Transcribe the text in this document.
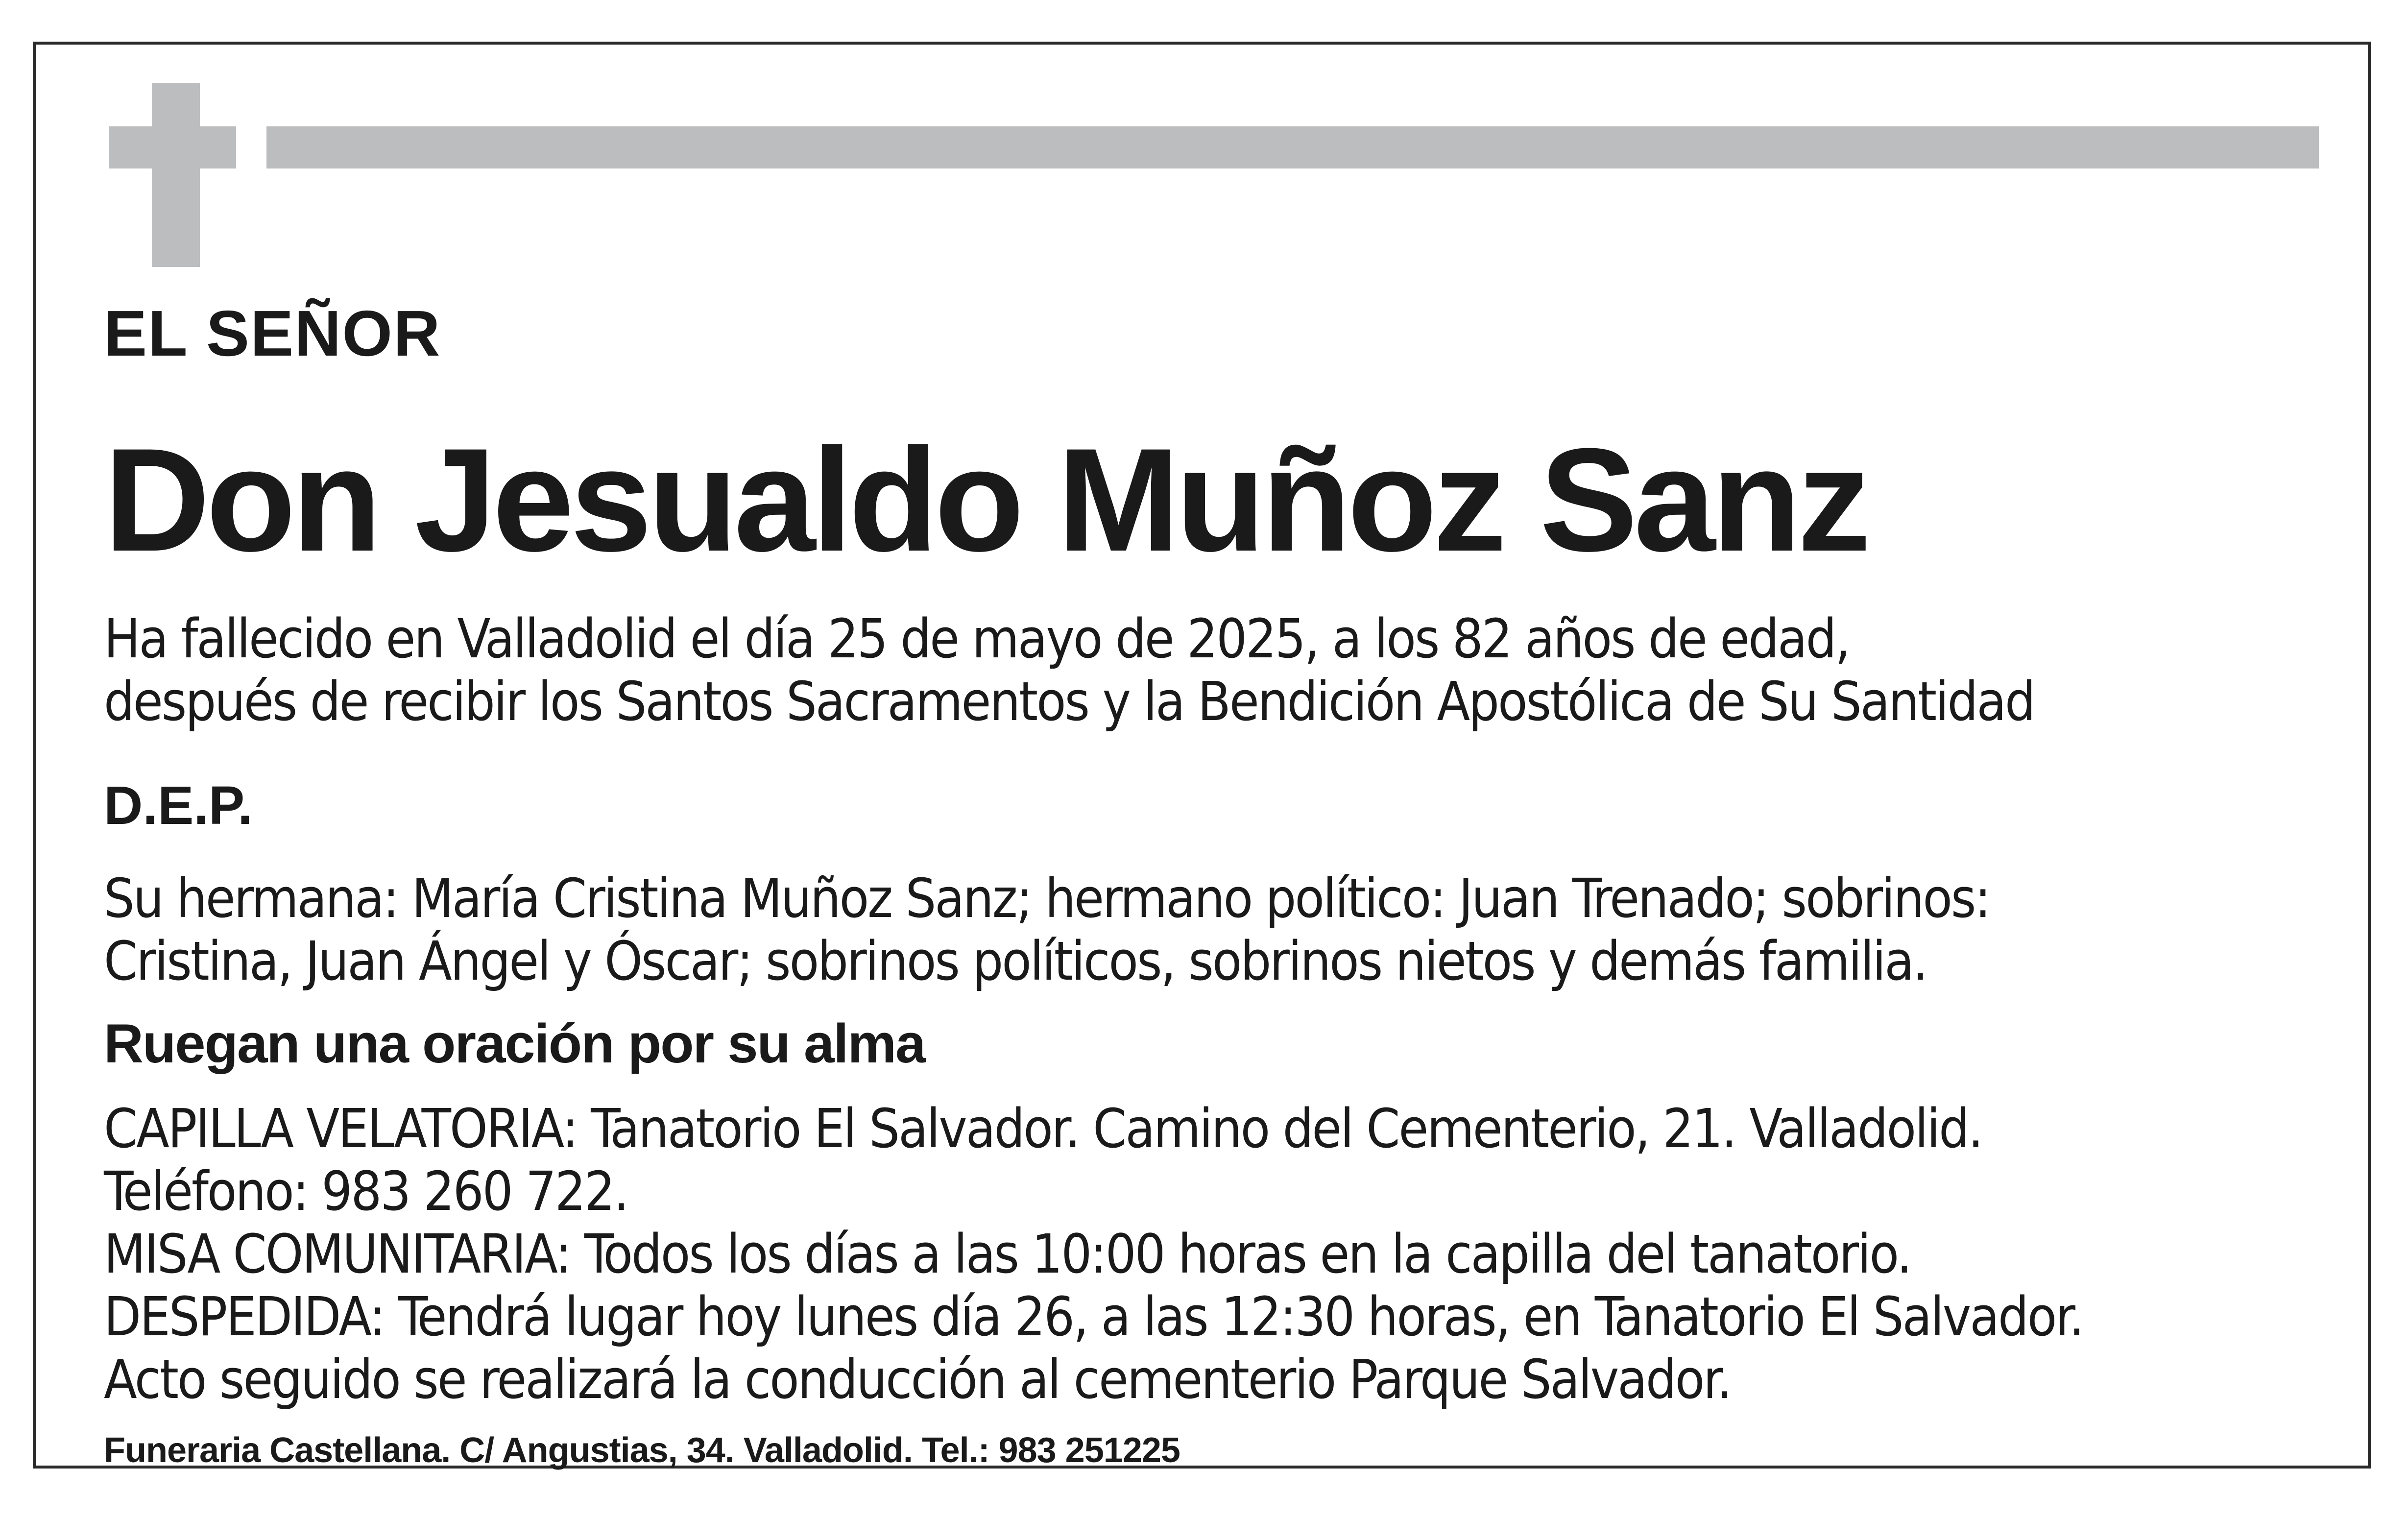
EL SEÑOR

Don Jesualdo Muñoz Sanz
Ha fallecido en Valladolid el día 25 de mayo de 2025, a los 82 años de edad,
después de recibir los Santos Sacramentos y la Bendición Apostólica de Su Santidad

D.E.P.

Su hermana: María Cristina Muñoz Sanz; hermano político: Juan Trenado; sobrinos:
Cristina, Juan Ángel y Óscar; sobrinos políticos, sobrinos nietos y demás familia.

Ruegan una oración por su alma

CAPILLA VELATORIA: Tanatorio El Salvador. Camino del Cementerio, 21. Valladolid.
Teléfono: 983 260 722.
MISA COMUNITARIA: Todos los días a las 10:00 horas en la capilla del tanatorio.
DESPEDIDA: Tendrá lugar hoy lunes día 26, a las 12:30 horas, en Tanatorio El Salvador.
Acto seguido se realizará la conducción al cementerio Parque Salvador.

Funeraria Castellana. C/ Angustias, 34. Valladolid. Tel.: 983 251225
